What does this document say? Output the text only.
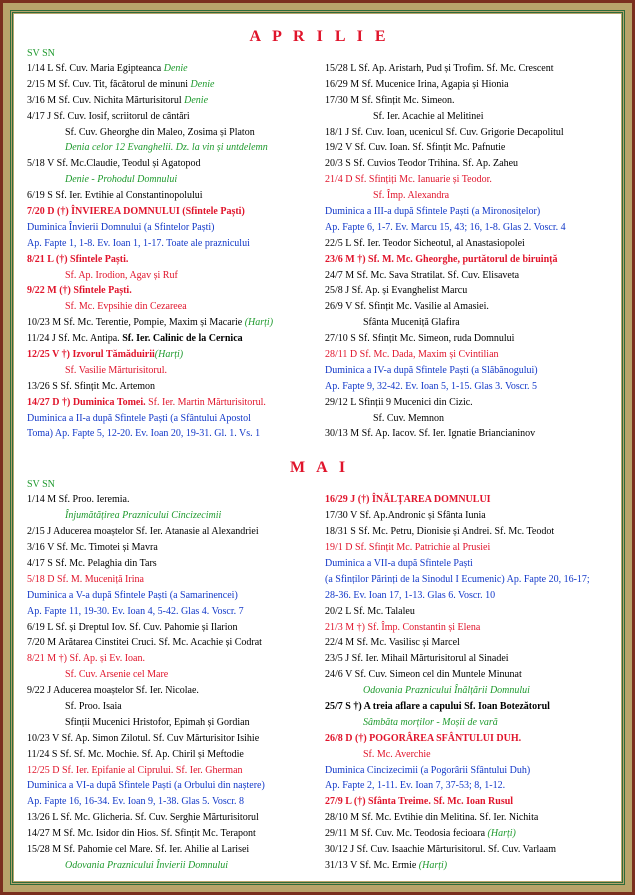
A P R I L I E
SV SN
1/14 L Sf. Cuv. Maria Egipteanca Denie
2/15 M Sf. Cuv. Tit, făcătorul de minuni Denie
3/16 M Sf. Cuv. Nichita Mărturisitorul Denie
4/17 J Sf. Cuv. Iosif, scriitorul de cântări
Sf. Cuv. Gheorghe din Maleo, Zosima și Platon
Denia celor 12 Evanghelii. Dz. la vin și untdelemn
5/18 V Sf. Mc.Claudie, Teodul și Agatopod
Denie - Prohodul Domnului
6/19 S Sf. Ier. Evtihie al Constantinopolului
7/20 D (†) ÎNVIEREA DOMNULUI (Sfintele Paști)
Duminica Învierii Domnului (a Sfintelor Paști)
Ap. Fapte 1, 1-8. Ev. Ioan 1, 1-17. Toate ale praznicului
8/21 L (†) Sfintele Paști.
Sf. Ap. Irodion, Agav și Ruf
9/22 M (†) Sfintele Paști.
Sf. Mc. Evpsihie din Cezareea
10/23 M Sf. Mc. Terentie, Pompie, Maxim și Macarie (Harți)
11/24 J Sf. Mc. Antipa. Sf. Ier. Calinic de la Cernica
12/25 V †) Izvorul Tămăduirii(Harți)
Sf. Vasilie Mărturisitorul.
13/26 S Sf. Sfințit Mc. Artemon
14/27 D †) Duminica Tomei. Sf. Ier. Martin Mărturisitorul.
Duminica a II-a după Sfintele Paști (a Sfântului Apostol
Toma) Ap. Fapte 5, 12-20. Ev. Ioan 20, 19-31. Gl. 1. Vs. 1
15/28 L Sf. Ap. Aristarh, Pud și Trofim. Sf. Mc. Crescent
16/29 M Sf. Mucenice Irina, Agapia și Hionia
17/30 M Sf. Sfințit Mc. Simeon.
Sf. Ier. Acachie al Melitinei
18/1 J Sf. Cuv. Ioan, ucenicul Sf. Cuv. Grigorie Decapolitul
19/2 V Sf. Cuv. Ioan. Sf. Sfințit Mc. Pafnutie
20/3 S Sf. Cuvios Teodor Trihina. Sf. Ap. Zaheu
21/4 D Sf. Sfințiți Mc. Ianuarie și Teodor.
Sf. Împ. Alexandra
Duminica a III-a după Sfintele Paști (a Mironosițelor)
Ap. Fapte 6, 1-7. Ev. Marcu 15, 43; 16, 1-8. Glas 2. Voscr. 4
22/5 L Sf. Ier. Teodor Sicheotul, al Anastasiopolei
23/6 M †) Sf. M. Mc. Gheorghe, purtătorul de biruință
24/7 M Sf. Mc. Sava Stratilat. Sf. Cuv. Elisaveta
25/8 J Sf. Ap. și Evanghelist Marcu
26/9 V Sf. Sfințit Mc. Vasilie al Amasiei.
Sfânta Muceniță Glafira
27/10 S Sf. Sfințit Mc. Simeon, ruda Domnului
28/11 D Sf. Mc. Dada, Maxim și Cvintilian
Duminica a IV-a după Sfintele Paști (a Slăbănogului)
Ap. Fapte 9, 32-42. Ev. Ioan 5, 1-15. Glas 3. Voscr. 5
29/12 L Sfinții 9 Mucenici din Cizic.
Sf. Cuv. Memnon
30/13 M Sf. Ap. Iacov. Sf. Ier. Ignatie Briancianinov
M A I
SV SN
1/14 M Sf. Proo. Ieremia.
Înjumătățirea Praznicului Cincizecimii
2/15 J Aducerea moaștelor Sf. Ier. Atanasie al Alexandriei
3/16 V Sf. Mc. Timotei și Mavra
4/17 S Sf. Mc. Pelaghia din Tars
5/18 D Sf. M. Muceniță Irina
Duminica a V-a după Sfintele Paști (a Samarinencei)
Ap. Fapte 11, 19-30. Ev. Ioan 4, 5-42. Glas 4. Voscr. 7
6/19 L Sf. și Dreptul Iov. Sf. Cuv. Pahomie și Ilarion
7/20 M Arătarea Cinstitei Cruci. Sf. Mc. Acachie și Codrat
8/21 M †) Sf. Ap. și Ev. Ioan.
Sf. Cuv. Arsenie cel Mare
9/22 J Aducerea moaștelor Sf. Ier. Nicolae.
Sf. Proo. Isaia
Sfinții Mucenici Hristofor, Epimah și Gordian
10/23 V Sf. Ap. Simon Zilotul. Sf. Cuv Mărturisitor Isihie
11/24 S Sf. Sf. Mc. Mochie. Sf. Ap. Chiril și Meftodie
12/25 D Sf. Ier. Epifanie al Ciprului. Sf. Ier. Gherman
Duminica a VI-a după Sfintele Paști (a Orbului din naștere)
Ap. Fapte 16, 16-34. Ev. Ioan 9, 1-38. Glas 5. Voscr. 8
13/26 L Sf. Mc. Glicheria. Sf. Cuv. Serghie Mărturisitorul
14/27 M Sf. Mc. Isidor din Hios. Sf. Sfințit Mc. Terapont
15/28 M Sf. Pahomie cel Mare. Sf. Ier. Ahilie al Larisei
Odovania Praznicului Învierii Domnului
16/29 J (†) ÎNĂLȚAREA DOMNULUI
17/30 V Sf. Ap.Andronic și Sfânta Iunia
18/31 S Sf. Mc. Petru, Dionisie și Andrei. Sf. Mc. Teodot
19/1 D Sf. Sfințit Mc. Patrichie al Prusiei
Duminica a VII-a după Sfintele Paști
(a Sfinților Părinți de la Sinodul I Ecumenic) Ap. Fapte 20, 16-17;
28-36. Ev. Ioan 17, 1-13. Glas 6. Voscr. 10
20/2 L Sf. Mc. Talaleu
21/3 M †) Sf. Împ. Constantin și Elena
22/4 M Sf. Mc. Vasilisc și Marcel
23/5 J Sf. Ier. Mihail Mărturisitorul al Sinadei
24/6 V Sf. Cuv. Simeon cel din Muntele Minunat
Odovania Praznicului Înălțării Domnului
25/7 S †) A treia aflare a capului Sf. Ioan Botezătorul
Sâmbăta morților - Moșii de vară
26/8 D (†) POGORÂREA SFÂNTULUI DUH.
Sf. Mc. Averchie
Duminica Cincizecimii (a Pogorârii Sfântului Duh)
Ap. Fapte 2, 1-11. Ev. Ioan 7, 37-53; 8, 1-12.
27/9 L (†) Sfânta Treime. Sf. Mc. Ioan Rusul
28/10 M Sf. Mc. Evtihie din Melitina. Sf. Ier. Nichita
29/11 M Sf. Cuv. Mc. Teodosia fecioara (Harți)
30/12 J Sf. Cuv. Isaachie Mărturisitorul. Sf. Cuv. Varlaam
31/13 V Sf. Mc. Ermie (Harți)
